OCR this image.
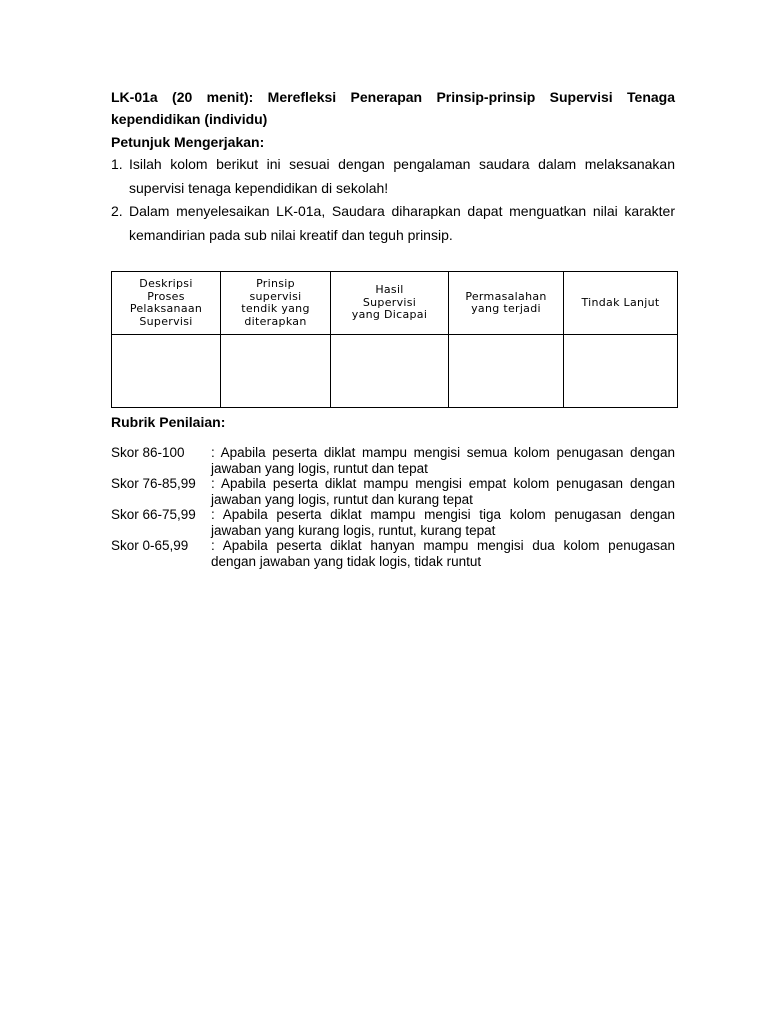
LK-01a (20 menit): Merefleksi Penerapan Prinsip-prinsip Supervisi Tenaga kependidikan (individu)
Petunjuk Mengerjakan:
1. Isilah kolom berikut ini sesuai dengan pengalaman saudara dalam melaksanakan supervisi tenaga kependidikan di sekolah!
2. Dalam menyelesaikan LK-01a, Saudara diharapkan dapat menguatkan nilai karakter kemandirian pada sub nilai kreatif dan teguh prinsip.
Deskripsi
Proses
Pelaksanaan
Supervisi	Prinsip
supervisi
tendik yang
diterapkan	Hasil
Supervisi
yang Dicapai	Permasalahan
yang terjadi	Tindak Lanjut

Rubrik Penilaian:
Skor 86-100	: Apabila peserta diklat mampu mengisi semua kolom penugasan dengan jawaban yang logis, runtut dan tepat
Skor 76-85,99	: Apabila peserta diklat mampu mengisi empat kolom penugasan dengan jawaban yang logis, runtut dan kurang tepat
Skor 66-75,99	: Apabila peserta diklat mampu mengisi tiga kolom penugasan dengan jawaban yang kurang logis, runtut, kurang tepat
Skor 0-65,99	: Apabila peserta diklat hanyan mampu mengisi dua kolom penugasan dengan jawaban yang tidak logis, tidak runtut
